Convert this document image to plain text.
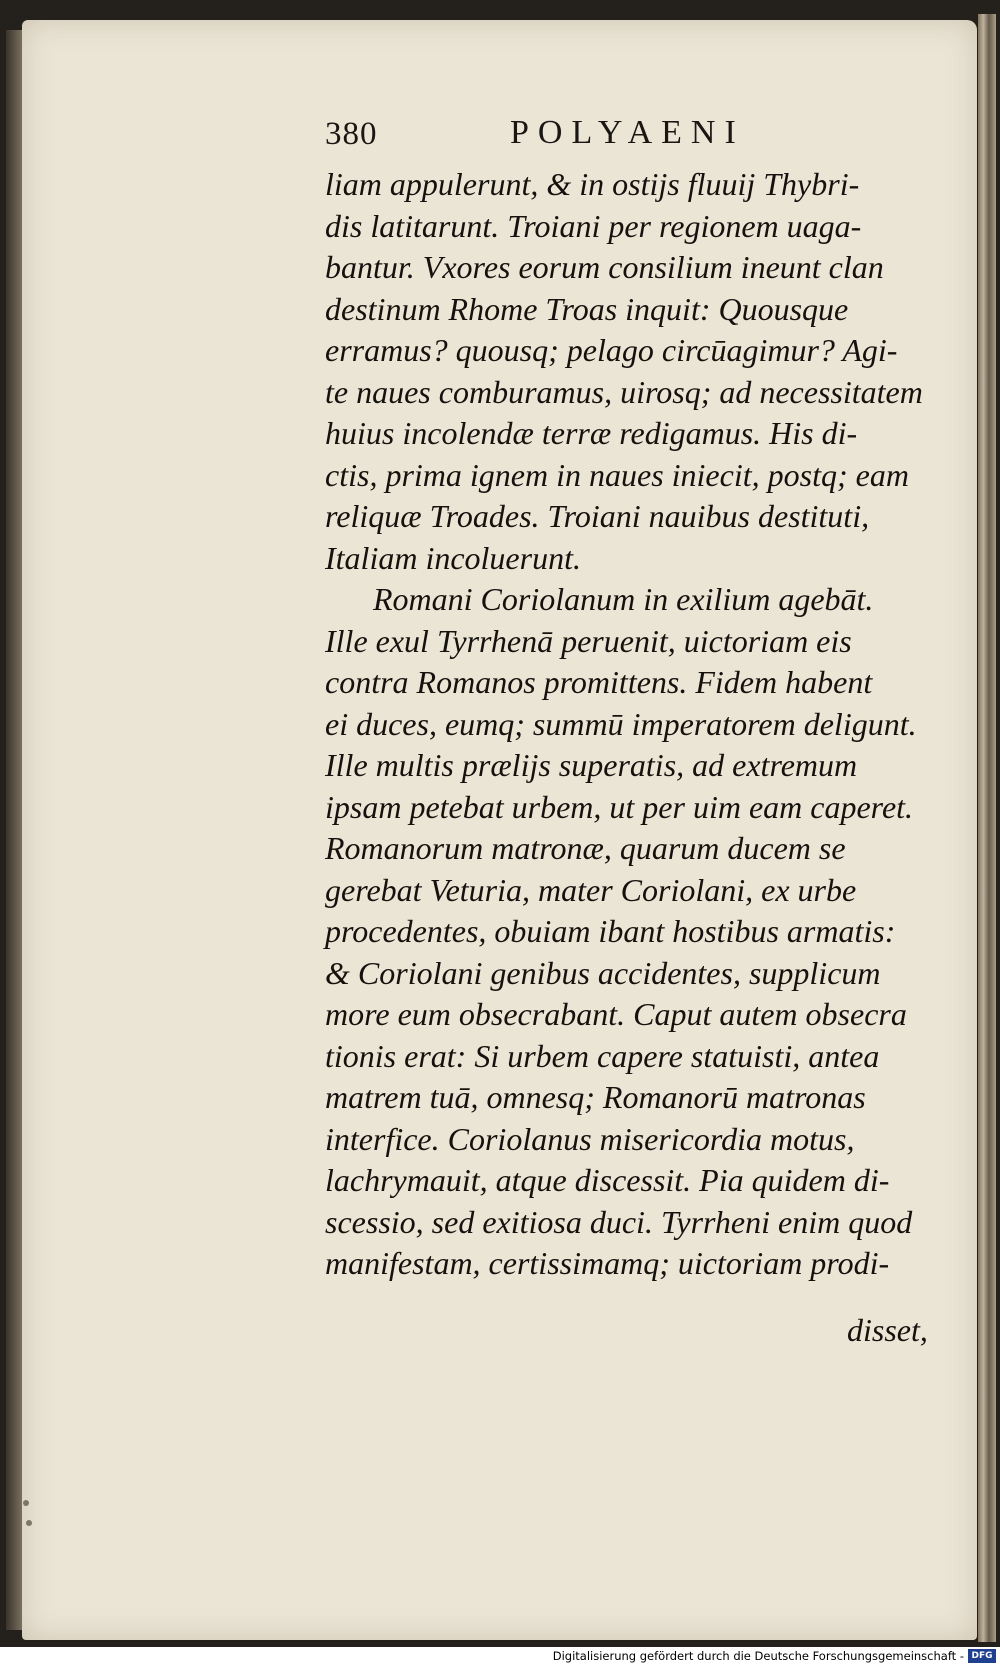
380	POLYAENI
liam appulerunt, & in ostijs fluuij Thybri-
dis latitarunt. Troiani per regionem uaga-
bantur. Vxores eorum consilium ineunt clan
destinum Rhome Troas inquit: Quousque
erramus? quousq; pelago circūagimur? Agi-
te naues comburamus, uirosq; ad necessitatem
huius incolendæ terræ redigamus. His di-
ctis, prima ignem in naues iniecit, postq; eam
reliquæ Troades. Troiani nauibus destituti,
Italiam incoluerunt.
Romani Coriolanum in exilium agebāt.
Ille exul Tyrrhenā peruenit, uictoriam eis
contra Romanos promittens. Fidem habent
ei duces, eumq; summū imperatorem deligunt.
Ille multis prælijs superatis, ad extremum
ipsam petebat urbem, ut per uim eam caperet.
Romanorum matronæ, quarum ducem se
gerebat Veturia, mater Coriolani, ex urbe
procedentes, obuiam ibant hostibus armatis:
& Coriolani genibus accidentes, supplicum
more eum obsecrabant. Caput autem obsecra
tionis erat: Si urbem capere statuisti, antea
matrem tuā, omnesq; Romanorū matronas
interfice. Coriolanus misericordia motus,
lachrymauit, atque discessit. Pia quidem di-
scessio, sed exitiosa duci. Tyrrheni enim quod
manifestam, certissimamq; uictoriam prodi-
disset,
Digitalisierung gefördert durch die Deutsche Forschungsgemeinschaft - DFG
